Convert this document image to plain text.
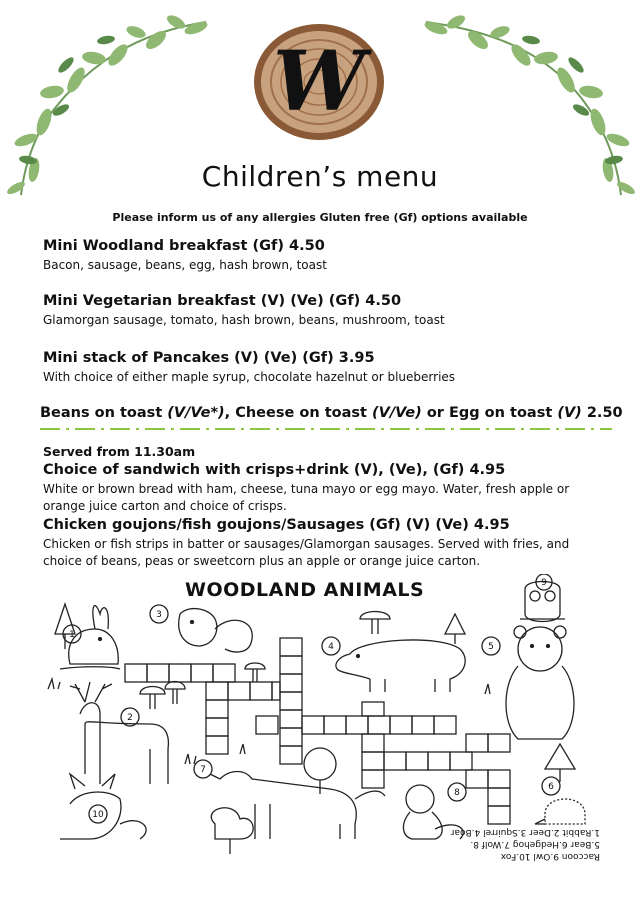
W
Children’s menu
Please inform us of any allergies Gluten free (Gf) options available
Mini Woodland breakfast (Gf) 4.50
Bacon, sausage, beans, egg, hash brown, toast
Mini Vegetarian breakfast (V) (Ve) (Gf) 4.50
Glamorgan sausage, tomato, hash brown, beans, mushroom, toast
Mini stack of Pancakes (V) (Ve) (Gf) 3.95
With choice of either maple syrup, chocolate hazelnut or blueberries
Beans on toast (V/Ve*), Cheese on toast (V/Ve) or Egg on toast (V) 2.50
Served from 11.30am
Choice of sandwich with crisps+drink (V), (Ve), (Gf) 4.95
White or brown bread with ham, cheese, tuna mayo or egg mayo. Water, fresh apple or orange juice carton and choice of crisps.
Chicken goujons/fish goujons/Sausages (Gf) (V) (Ve) 4.95
Chicken or fish strips in batter or sausages/Glamorgan sausages. Served with fries, and choice of beans, peas or sweetcorn plus an apple or orange juice carton.
1
2
3
4	5
6
7
8
9
10
WOODLAND ANIMALS
Raccoon 9.Owl 10.Fox
5.Bear 6.Hedgehog 7.Wolf 8.
1.Rabbit 2.Deer 3.Squirrel 4.Boar
